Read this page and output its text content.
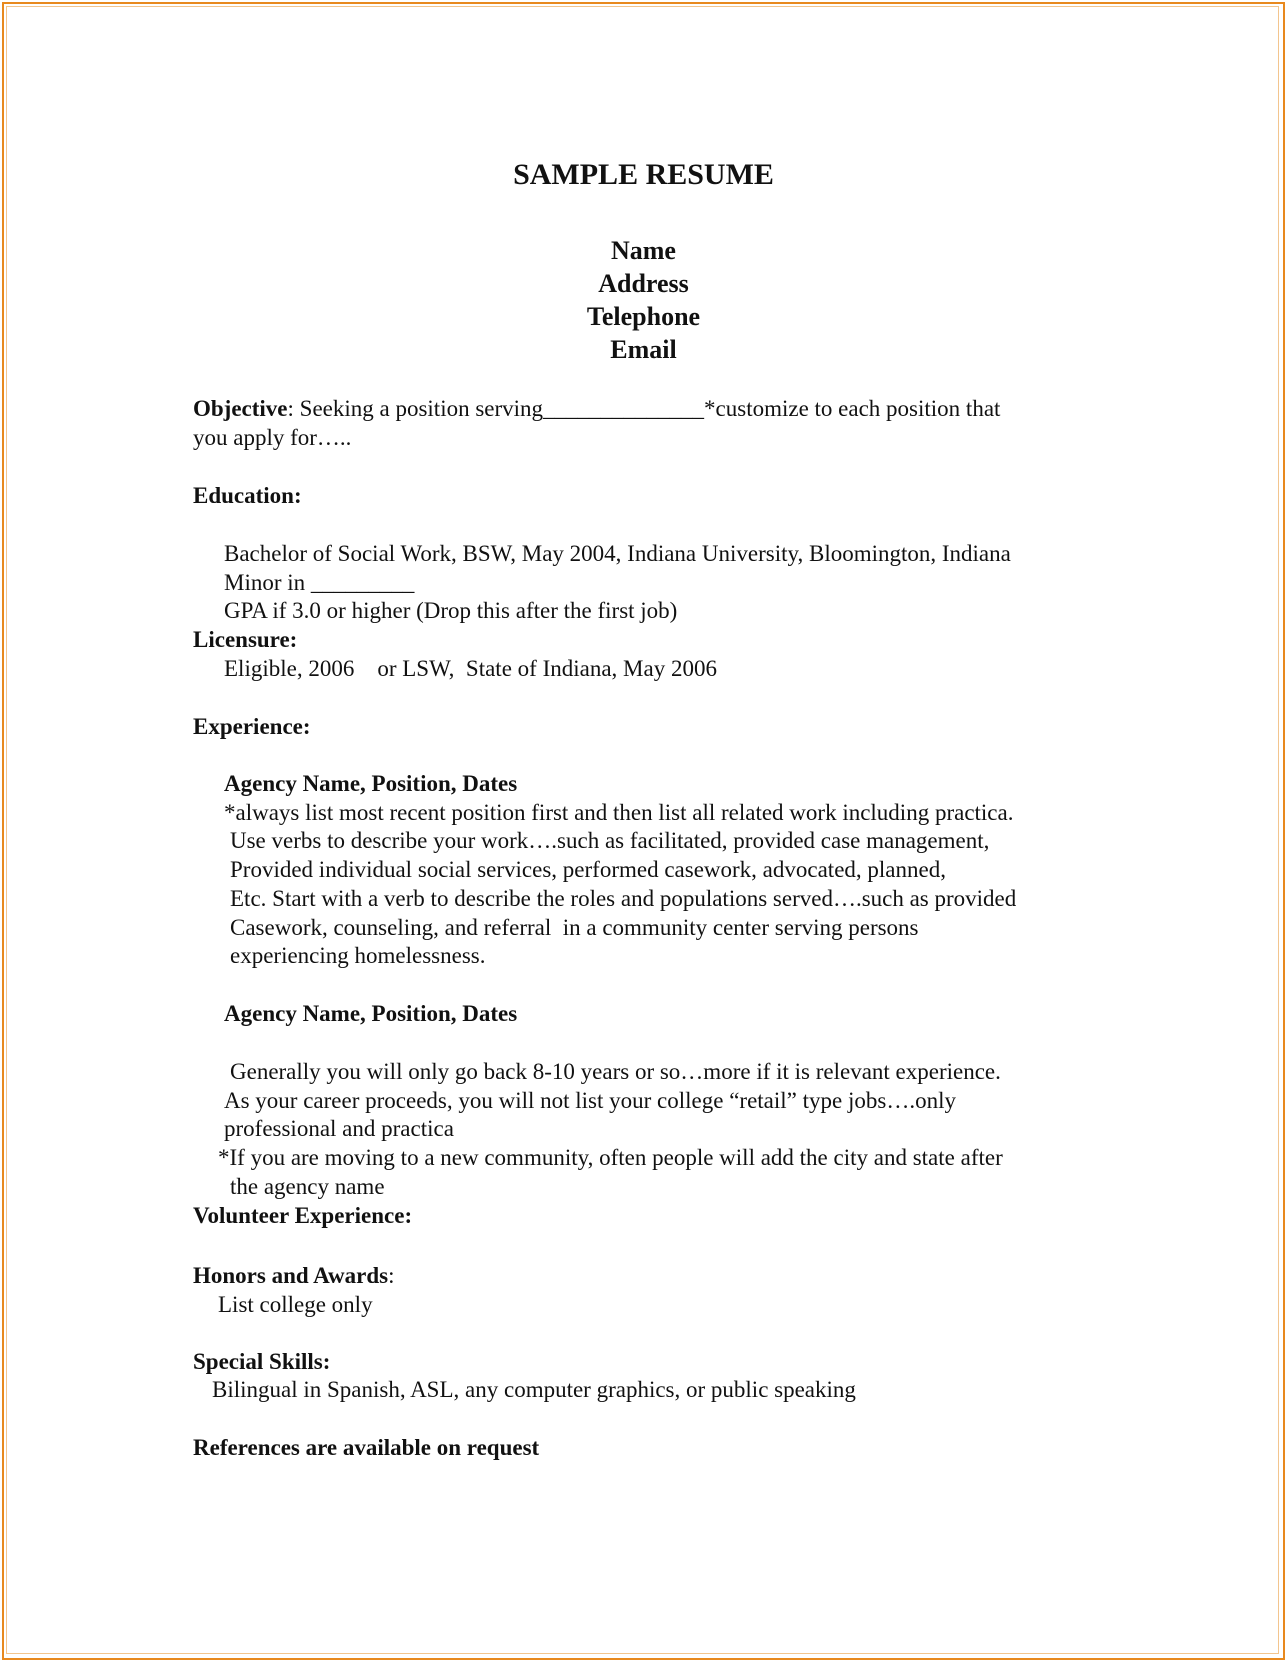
SAMPLE RESUME
Name
Address
Telephone
Email
Objective: Seeking a position serving______________*customize to each position that
you apply for…..
Education:
Bachelor of Social Work, BSW, May 2004, Indiana University, Bloomington, Indiana
Minor in _________
GPA if 3.0 or higher (Drop this after the first job)
Licensure:
Eligible, 2006    or LSW,  State of Indiana, May 2006
Experience:
Agency Name, Position, Dates
*always list most recent position first and then list all related work including practica.
Use verbs to describe your work….such as facilitated, provided case management,
Provided individual social services, performed casework, advocated, planned,
Etc. Start with a verb to describe the roles and populations served….such as provided
Casework, counseling, and referral  in a community center serving persons
experiencing homelessness.
Agency Name, Position, Dates
Generally you will only go back 8-10 years or so…more if it is relevant experience.
As your career proceeds, you will not list your college “retail” type jobs….only
professional and practica
*If you are moving to a new community, often people will add the city and state after
the agency name
Volunteer Experience:
Honors and Awards:
List college only
Special Skills:
Bilingual in Spanish, ASL, any computer graphics, or public speaking
References are available on request
